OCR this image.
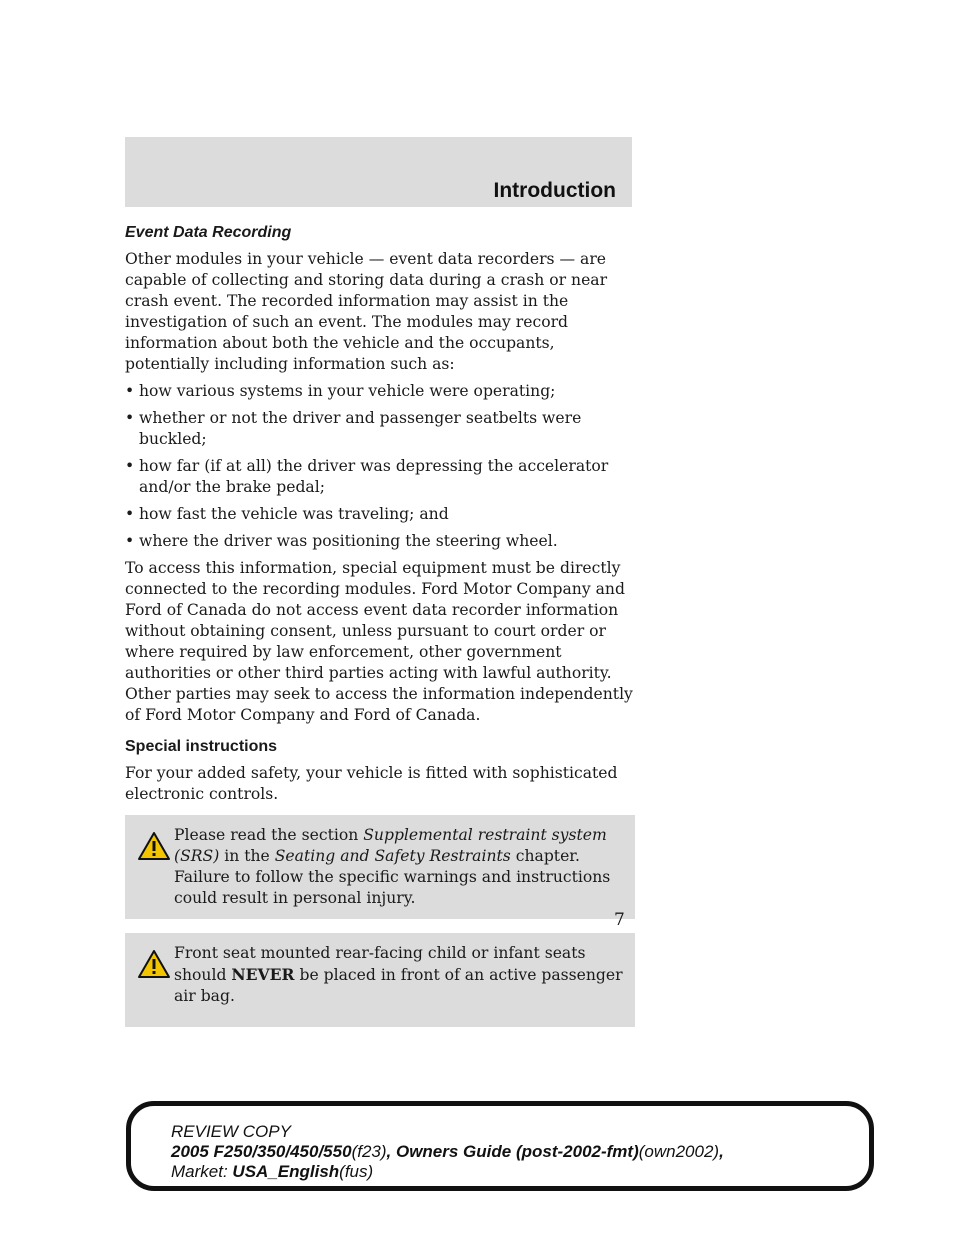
Introduction
Event Data Recording

Other modules in your vehicle — event data recorders — are capable of collecting and storing data during a crash or near crash event. The recorded information may assist in the investigation of such an event. The modules may record information about both the vehicle and the occupants, potentially including information such as:

• how various systems in your vehicle were operating;
• whether or not the driver and passenger seatbelts were buckled;
• how far (if at all) the driver was depressing the accelerator and/or the brake pedal;
• how fast the vehicle was traveling; and
• where the driver was positioning the steering wheel.

To access this information, special equipment must be directly connected to the recording modules. Ford Motor Company and Ford of Canada do not access event data recorder information without obtaining consent, unless pursuant to court order or where required by law enforcement, other government authorities or other third parties acting with lawful authority. Other parties may seek to access the information independently of Ford Motor Company and Ford of Canada.

Special instructions

For your added safety, your vehicle is fitted with sophisticated electronic controls.

Please read the section Supplemental restraint system (SRS) in the Seating and Safety Restraints chapter. Failure to follow the specific warnings and instructions could result in personal injury.
Front seat mounted rear-facing child or infant seats should NEVER be placed in front of an active passenger air bag.
7
REVIEW COPY
2005 F250/350/450/550(f23), Owners Guide (post-2002-fmt)(own2002),
Market: USA_English(fus)
